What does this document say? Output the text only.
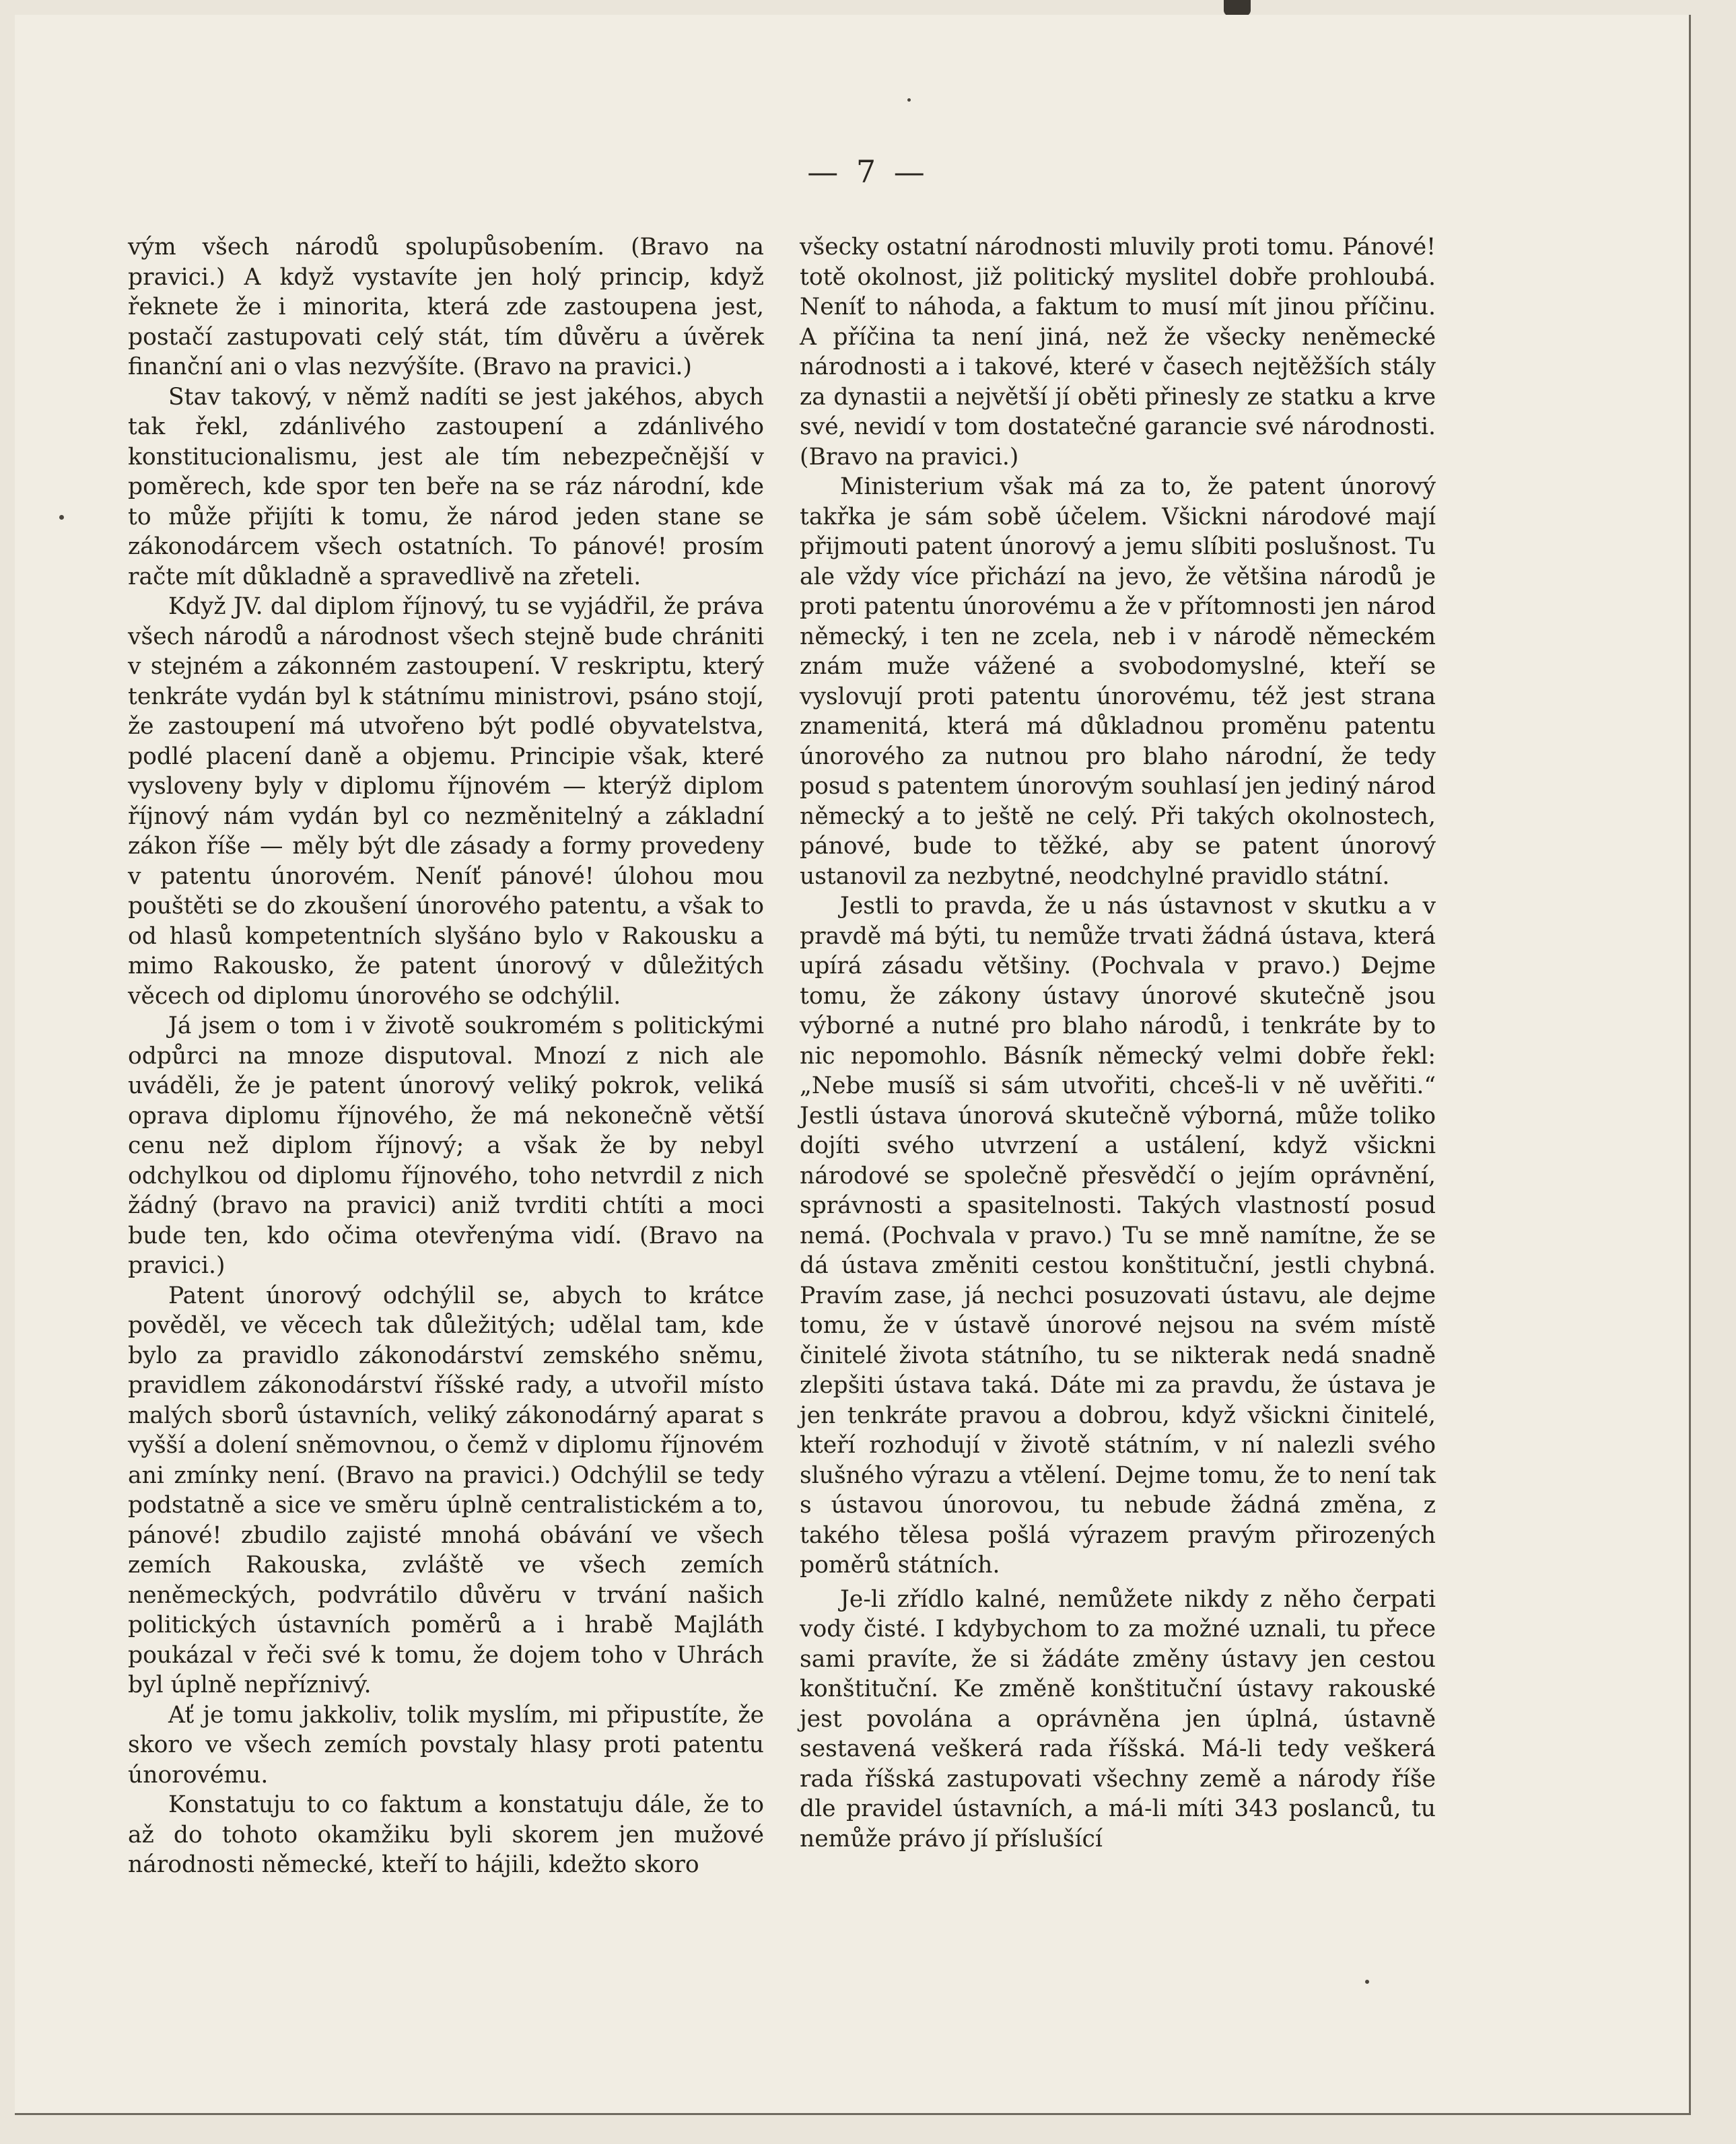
— 7 —

vým všech národů spolupůsobením. (Bravo na pravici.) A když vystavíte jen holý princip, když řeknete že i minorita, která zde zastoupena jest, postačí zastupovati celý stát, tím důvěru a úvěrek finanční ani o vlas nezvýšíte. (Bravo na pravici.)

Stav takový, v němž nadíti se jest jakéhos, abych tak řekl, zdánlivého zastoupení a zdánlivého konstitucionalismu, jest ale tím nebezpečnější v poměrech, kde spor ten beře na se ráz národní, kde to může přijíti k tomu, že národ jeden stane se zákonodárcem všech ostatních. To pánové! prosím račte mít důkladně a spravedlivě na zřeteli.

Když JV. dal diplom říjnový, tu se vyjádřil, že práva všech národů a národnost všech stejně bude chrániti v stejném a zákonném zastoupení. V reskriptu, který tenkráte vydán byl k státnímu ministrovi, psáno stojí, že zastoupení má utvořeno být podlé obyvatelstva, podlé placení daně a objemu. Principie však, které vysloveny byly v diplomu říjnovém — kterýž diplom říjnový nám vydán byl co nezměnitelný a základní zákon říše — měly být dle zásady a formy provedeny v patentu únorovém. Neníť pánové! úlohou mou pouštěti se do zkoušení únorového patentu, a však to od hlasů kompetentních slyšáno bylo v Rakousku a mimo Rakousko, že patent únorový v důležitých věcech od diplomu únorového se odchýlil.

Já jsem o tom i v životě soukromém s politickými odpůrci na mnoze disputoval. Mnozí z nich ale uváděli, že je patent únorový veliký pokrok, veliká oprava diplomu říjnového, že má nekonečně větší cenu než diplom říjnový; a však že by nebyl odchylkou od diplomu říjnového, toho netvrdil z nich žádný (bravo na pravici) aniž tvrditi chtíti a moci bude ten, kdo očima otevřenýma vidí. (Bravo na pravici.)

Patent únorový odchýlil se, abych to krátce pověděl, ve věcech tak důležitých; udělal tam, kde bylo za pravidlo zákonodárství zemského sněmu, pravidlem zákonodárství říšské rady, a utvořil místo malých sborů ústavních, veliký zákonodárný aparat s vyšší a dolení sněmovnou, o čemž v diplomu říjnovém ani zmínky není. (Bravo na pravici.) Odchýlil se tedy podstatně a sice ve směru úplně centralistickém a to, pánové! zbudilo zajisté mnohá obávání ve všech zemích Rakouska, zvláště ve všech zemích neněmeckých, podvrátilo důvěru v trvání našich politických ústavních poměrů a i hrabě Majláth poukázal v řeči své k tomu, že dojem toho v Uhrách byl úplně nepříznivý.

Ať je tomu jakkoliv, tolik myslím, mi připustíte, že skoro ve všech zemích povstaly hlasy proti patentu únorovému.

Konstatuju to co faktum a konstatuju dále, že to až do tohoto okamžiku byli skorem jen mužové národnosti německé, kteří to hájili, kdežto skoro

všecky ostatní národnosti mluvily proti tomu. Pánové! totě okolnost, již politický myslitel dobře prohloubá. Neníť to náhoda, a faktum to musí mít jinou příčinu. A příčina ta není jiná, než že všecky neněmecké národnosti a i takové, které v časech nejtěžších stály za dynastii a největší jí oběti přinesly ze statku a krve své, nevidí v tom dostatečné garancie své národnosti. (Bravo na pravici.)

Ministerium však má za to, že patent únorový takřka je sám sobě účelem. Všickni národové mají přijmouti patent únorový a jemu slíbiti poslušnost. Tu ale vždy více přichází na jevo, že většina národů je proti patentu únorovému a že v přítomnosti jen národ německý, i ten ne zcela, neb i v národě německém znám muže vážené a svobodomyslné, kteří se vyslovují proti patentu únorovému, též jest strana znamenitá, která má důkladnou proměnu patentu únorového za nutnou pro blaho národní, že tedy posud s patentem únorovým souhlasí jen jediný národ německý a to ještě ne celý. Při takých okolnostech, pánové, bude to těžké, aby se patent únorový ustanovil za nezbytné, neodchylné pravidlo státní.

Jestli to pravda, že u nás ústavnost v skutku a v pravdě má býti, tu nemůže trvati žádná ústava, která upírá zásadu většiny. (Pochvala v pravo.) Dejme tomu, že zákony ústavy únorové skutečně jsou výborné a nutné pro blaho národů, i tenkráte by to nic nepomohlo. Básník německý velmi dobře řekl: „Nebe musíš si sám utvořiti, chceš-li v ně uvěřiti.“ Jestli ústava únorová skutečně výborná, může toliko dojíti svého utvrzení a ustálení, když všickni národové se společně přesvědčí o jejím oprávnění, správnosti a spasitelnosti. Takých vlastností posud nemá. (Pochvala v pravo.) Tu se mně namítne, že se dá ústava změniti cestou konštituční, jestli chybná. Pravím zase, já nechci posuzovati ústavu, ale dejme tomu, že v ústavě únorové nejsou na svém místě činitelé života státního, tu se nikterak nedá snadně zlepšiti ústava taká. Dáte mi za pravdu, že ústava je jen tenkráte pravou a dobrou, když všickni činitelé, kteří rozhodují v životě státním, v ní nalezli svého slušného výrazu a vtělení. Dejme tomu, že to není tak s ústavou únorovou, tu nebude žádná změna, z takého tělesa pošlá výrazem pravým přirozených poměrů státních.

Je-li zřídlo kalné, nemůžete nikdy z něho čerpati vody čisté. I kdybychom to za možné uznali, tu přece sami pravíte, že si žádáte změny ústavy jen cestou konštituční. Ke změně konštituční ústavy rakouské jest povolána a oprávněna jen úplná, ústavně sestavená veškerá rada říšská. Má-li tedy veškerá rada říšská zastupovati všechny země a národy říše dle pravidel ústavních, a má-li míti 343 poslanců, tu nemůže právo jí příslušící
